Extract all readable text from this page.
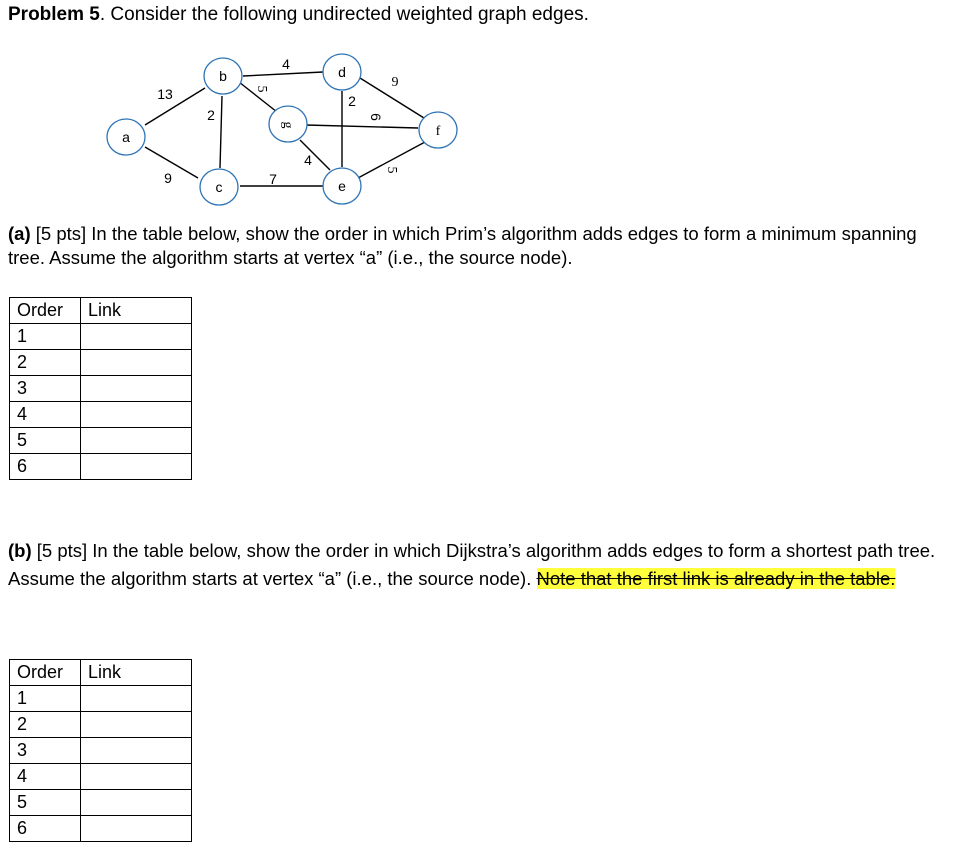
Problem 5. Consider the following undirected weighted graph edges.
a
b
c
d
e
f
g
13
9
2
5
4
7
2
9
6
4
5
(a) [5 pts] In the table below, show the order in which Prim’s algorithm adds edges to form a minimum spanning tree. Assume the algorithm starts at vertex “a” (i.e., the source node).
Order	Link
1	
2	
3	
4	
5	
6	
(b) [5 pts] In the table below, show the order in which Dijkstra’s algorithm adds edges to form a shortest path tree. Assume the algorithm starts at vertex “a” (i.e., the source node). Note that the first link is already in the table.
Order	Link
1	
2	
3	
4	
5	
6	
